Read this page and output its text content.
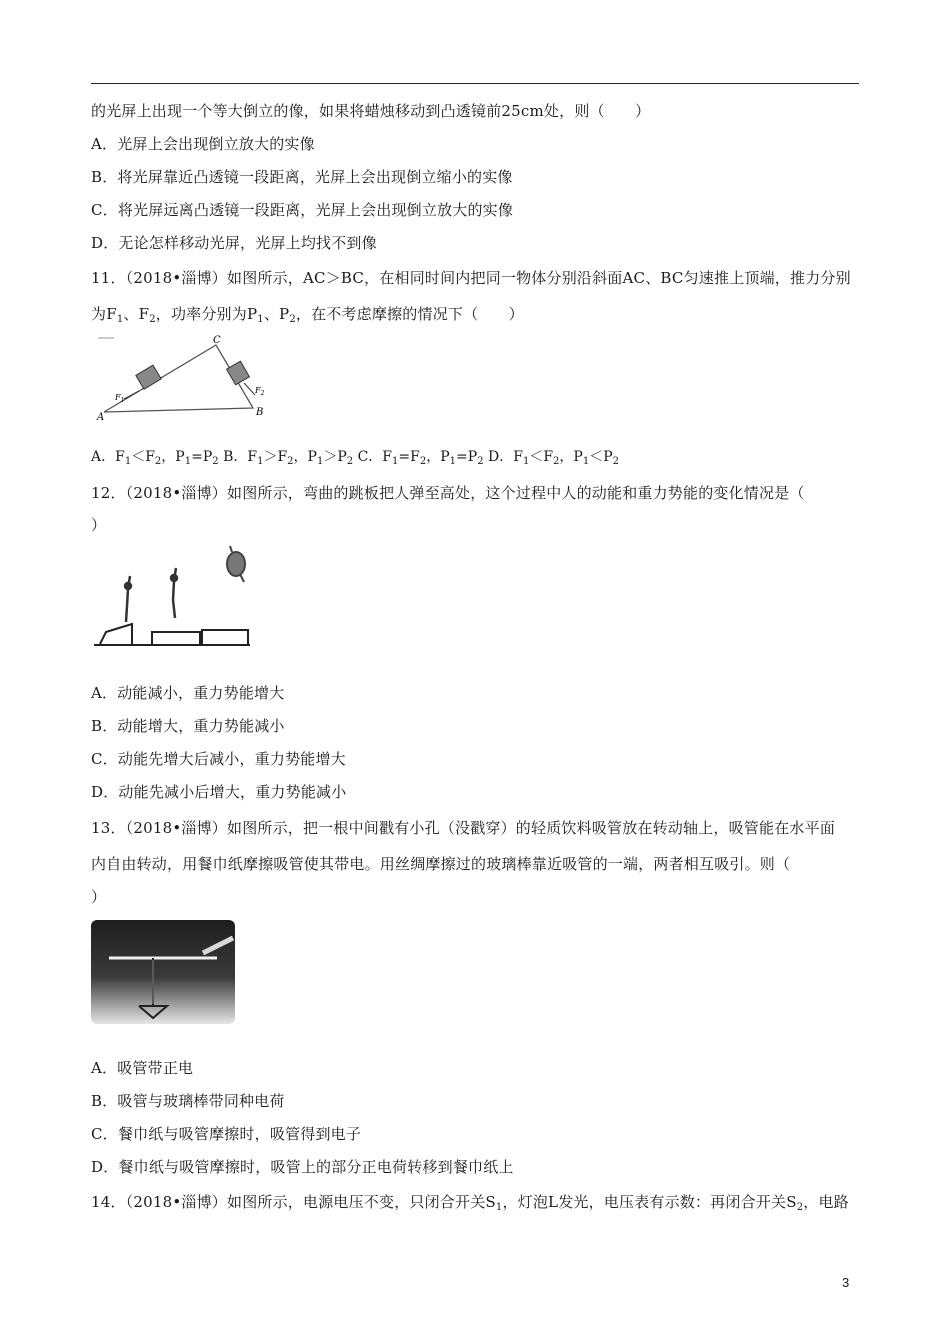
的光屏上出现一个等大倒立的像，如果将蜡烛移动到凸透镜前25cm处，则（　　）
A．光屏上会出现倒立放大的实像
B．将光屏靠近凸透镜一段距离，光屏上会出现倒立缩小的实像
C．将光屏远离凸透镜一段距离，光屏上会出现倒立放大的实像
D．无论怎样移动光屏，光屏上均找不到像
11．（2018•淄博）如图所示，AC＞BC，在相同时间内把同一物体分别沿斜面AC、BC匀速推上顶端，推力分别
为$F_1$、$F_2$，功率分别为$P_1$、$P_2$，在不考虑摩擦的情况下（　　）
A	B
C
$F_1$
$F_2$
A．$F_1<F_2$，$P_1=P_2$ B．$F_1>F_2$，$P_1>P_2$ C．$F_1=F_2$，$P_1=P_2$ D．$F_1<F_2$，$P_1<P_2$
12．（2018•淄博）如图所示，弯曲的跳板把人弹至高处，这个过程中人的动能和重力势能的变化情况是（
）
A．动能减小，重力势能增大
B．动能增大，重力势能减小
C．动能先增大后减小，重力势能增大
D．动能先减小后增大，重力势能减小
13．（2018•淄博）如图所示，把一根中间戳有小孔（没戳穿）的轻质饮料吸管放在转动轴上，吸管能在水平面
内自由转动，用餐巾纸摩擦吸管使其带电。用丝绸摩擦过的玻璃棒靠近吸管的一端，两者相互吸引。则（
）
A．吸管带正电
B．吸管与玻璃棒带同种电荷
C．餐巾纸与吸管摩擦时，吸管得到电子
D．餐巾纸与吸管摩擦时，吸管上的部分正电荷转移到餐巾纸上
14．（2018•淄博）如图所示，电源电压不变，只闭合开关$S_1$，灯泡L发光，电压表有示数：再闭合开关$S_2$，电路
3
